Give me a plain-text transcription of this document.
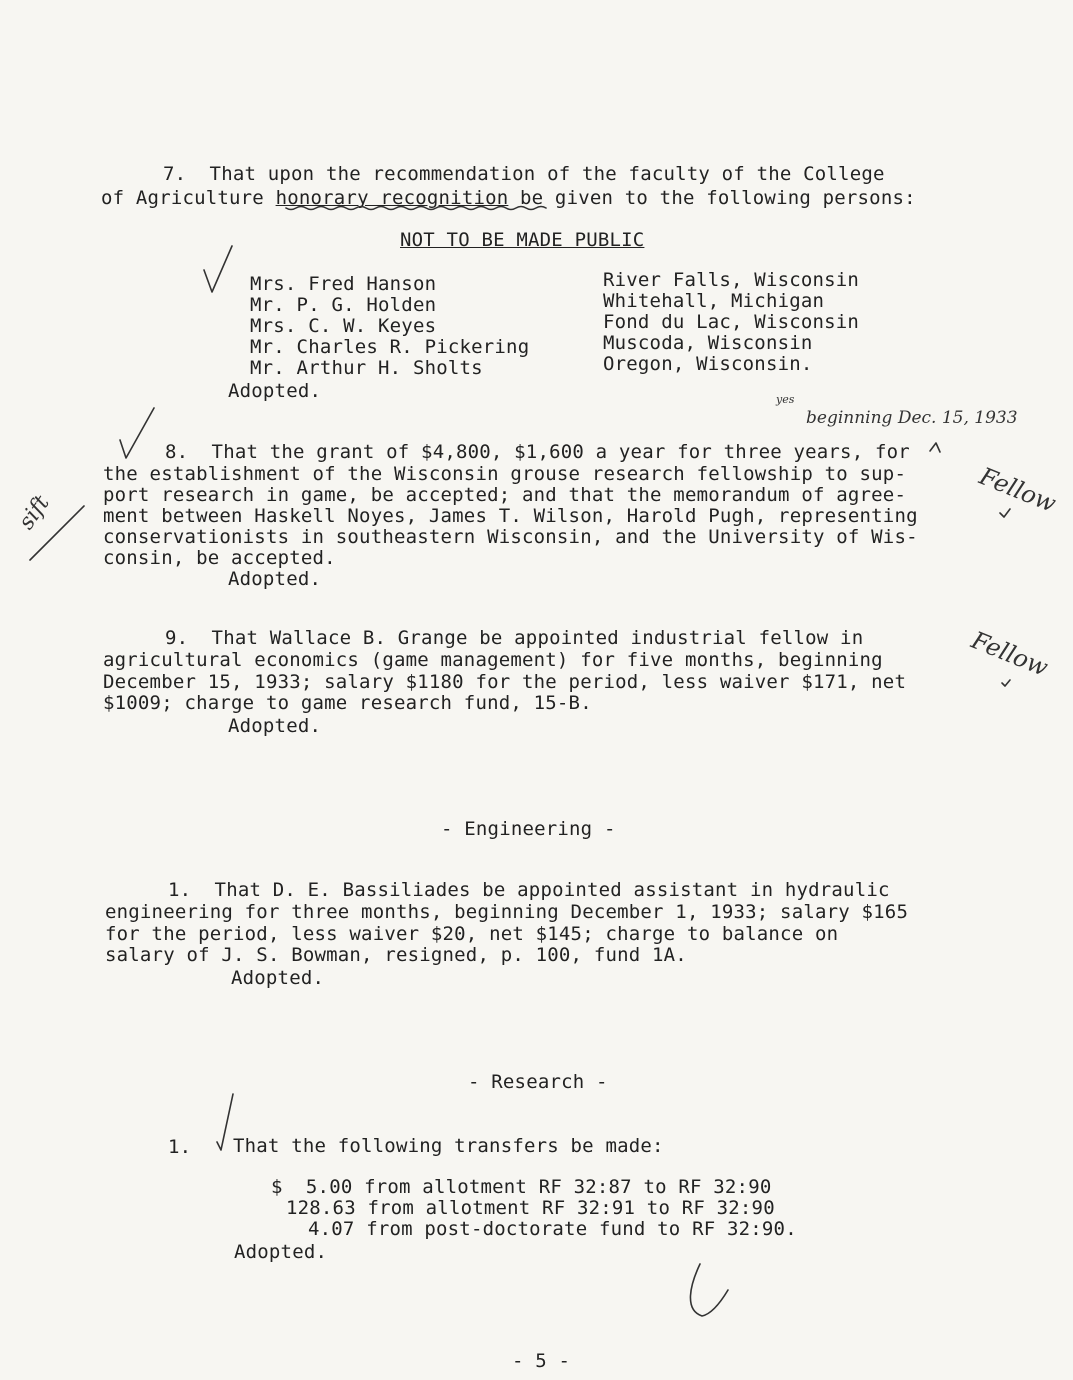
7.  That upon the recommendation of the faculty of the College
of Agriculture honorary recognition be given to the following persons:
NOT TO BE MADE PUBLIC
Mrs. Fred Hanson	River Falls, Wisconsin
Mr. P. G. Holden	Whitehall, Michigan
Mrs. C. W. Keyes	Fond du Lac, Wisconsin
Mr. Charles R. Pickering	Muscoda, Wisconsin
Mr. Arthur H. Sholts	Oregon, Wisconsin.
Adopted.	yes
beginning Dec. 15, 1933
8.  That the grant of $4,800, $1,600 a year for three years, for
the establishment of the Wisconsin grouse research fellowship to sup-
port research in game, be accepted; and that the memorandum of agree-
ment between Haskell Noyes, James T. Wilson, Harold Pugh, representing
conservationists in southeastern Wisconsin, and the University of Wis-
consin, be accepted.
Adopted.
Fellow
sift
9.  That Wallace B. Grange be appointed industrial fellow in
agricultural economics (game management) for five months, beginning
December 15, 1933; salary $1180 for the period, less waiver $171, net
$1009; charge to game research fund, 15-B.
Adopted.
Fellow
- Engineering -
1.  That D. E. Bassiliades be appointed assistant in hydraulic
engineering for three months, beginning December 1, 1933; salary $165
for the period, less waiver $20, net $145; charge to balance on
salary of J. S. Bowman, resigned, p. 100, fund 1A.
Adopted.
- Research -
1. That the following transfers be made:
$  5.00 from allotment RF 32:87 to RF 32:90
128.63 from allotment RF 32:91 to RF 32:90
4.07 from post-doctorate fund to RF 32:90.
Adopted.
- 5 -
